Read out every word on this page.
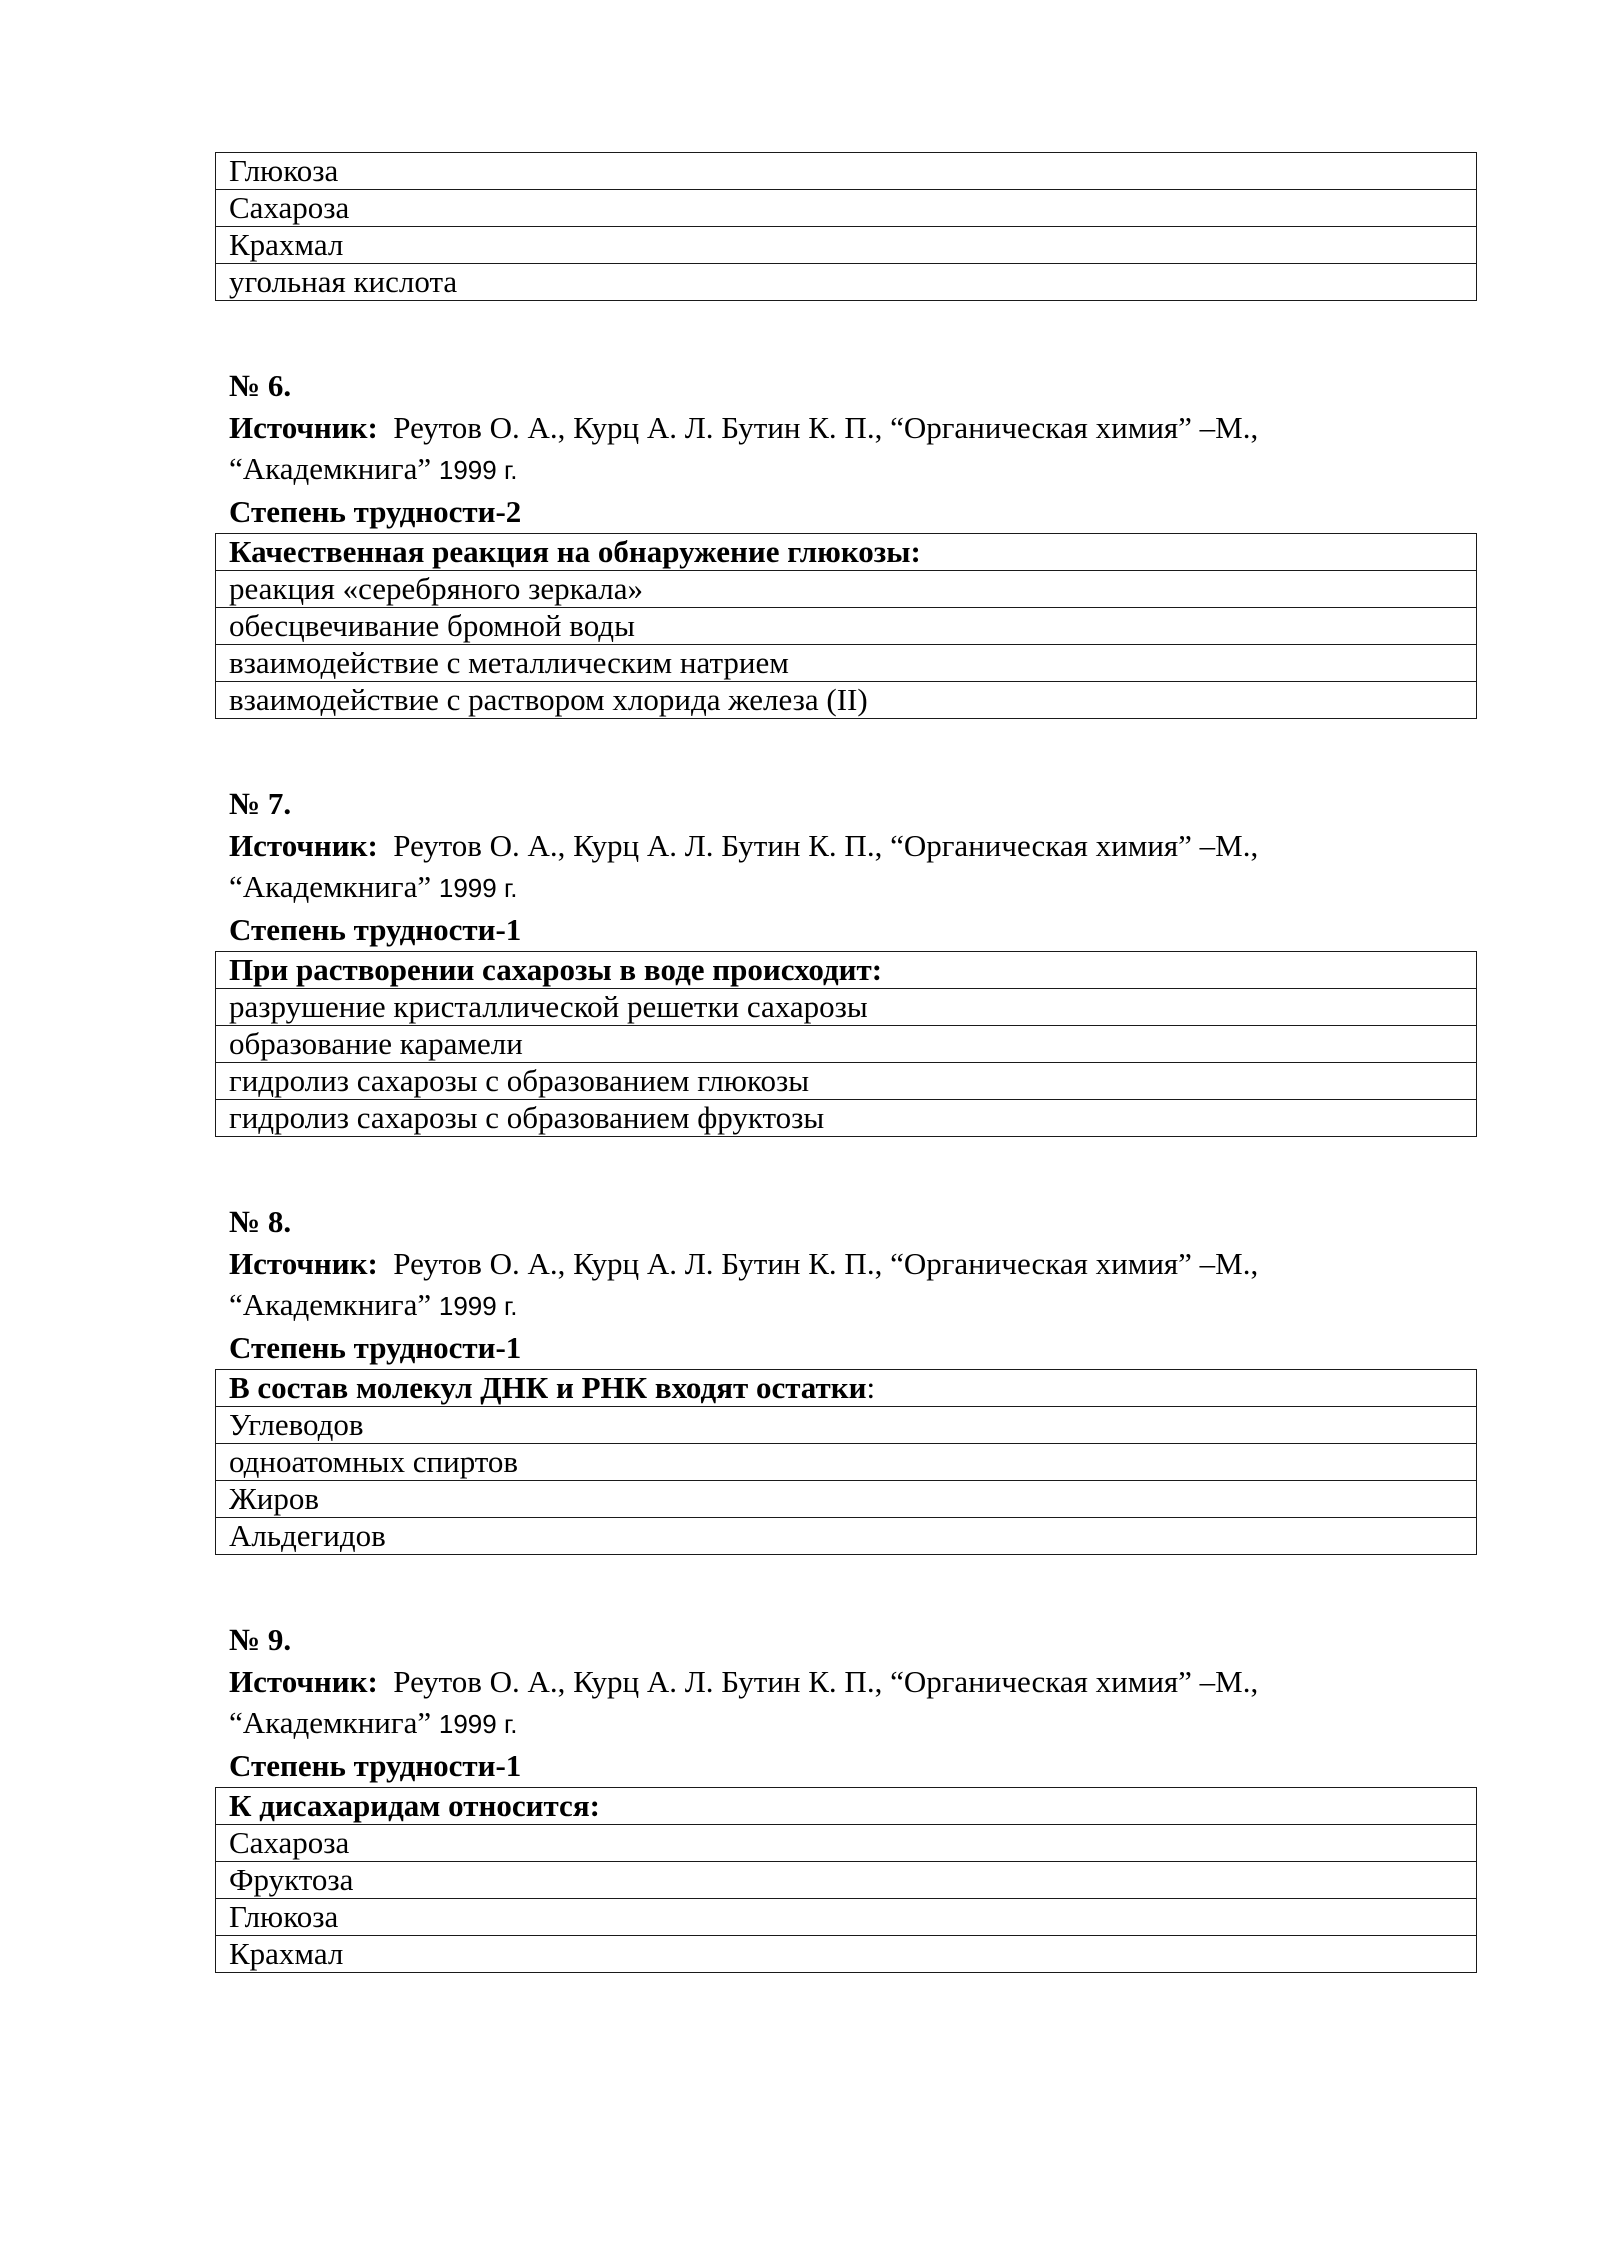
Глюкоза
Сахароза
Крахмал
угольная кислота
№ 6.
Источник: Реутов О. А., Курц А. Л. Бутин К. П., “Органическая химия” –М.,
“Академкнига” 1999 г.
Степень трудности-2
Качественная реакция на обнаружение глюкозы:
реакция «серебряного зеркала»
обесцвечивание бромной воды
взаимодействие с металлическим натрием
взаимодействие с раствором хлорида железа (II)
№ 7.
Источник: Реутов О. А., Курц А. Л. Бутин К. П., “Органическая химия” –М.,
“Академкнига” 1999 г.
Степень трудности-1
При растворении сахарозы в воде происходит:
разрушение кристаллической решетки сахарозы
образование карамели
гидролиз сахарозы с образованием глюкозы
гидролиз сахарозы с образованием фруктозы
№ 8.
Источник: Реутов О. А., Курц А. Л. Бутин К. П., “Органическая химия” –М.,
“Академкнига” 1999 г.
Степень трудности-1
В состав молекул ДНК и РНК входят остатки:
Углеводов
одноатомных спиртов
Жиров
Альдегидов
№ 9.
Источник: Реутов О. А., Курц А. Л. Бутин К. П., “Органическая химия” –М.,
“Академкнига” 1999 г.
Степень трудности-1
К дисахаридам относится:
Сахароза
Фруктоза
Глюкоза
Крахмал
